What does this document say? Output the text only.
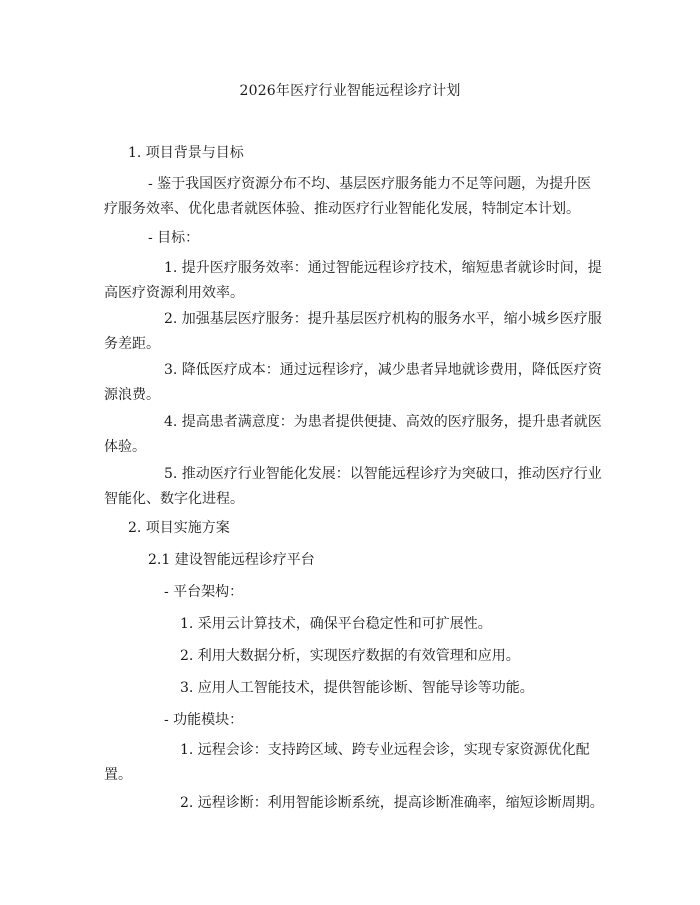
2026年医疗行业智能远程诊疗计划

1. 项目背景与目标

- 鉴于我国医疗资源分布不均、基层医疗服务能力不足等问题，为提升医疗服务效率、优化患者就医体验、推动医疗行业智能化发展，特制定本计划。

- 目标：

1. 提升医疗服务效率：通过智能远程诊疗技术，缩短患者就诊时间，提高医疗资源利用效率。

2. 加强基层医疗服务：提升基层医疗机构的服务水平，缩小城乡医疗服务差距。

3. 降低医疗成本：通过远程诊疗，减少患者异地就诊费用，降低医疗资源浪费。

4. 提高患者满意度：为患者提供便捷、高效的医疗服务，提升患者就医体验。

5. 推动医疗行业智能化发展：以智能远程诊疗为突破口，推动医疗行业智能化、数字化进程。

2. 项目实施方案

2.1 建设智能远程诊疗平台

- 平台架构：

1. 采用云计算技术，确保平台稳定性和可扩展性。

2. 利用大数据分析，实现医疗数据的有效管理和应用。

3. 应用人工智能技术，提供智能诊断、智能导诊等功能。

- 功能模块：

1. 远程会诊：支持跨区域、跨专业远程会诊，实现专家资源优化配置。

2. 远程诊断：利用智能诊断系统，提高诊断准确率，缩短诊断周期。
